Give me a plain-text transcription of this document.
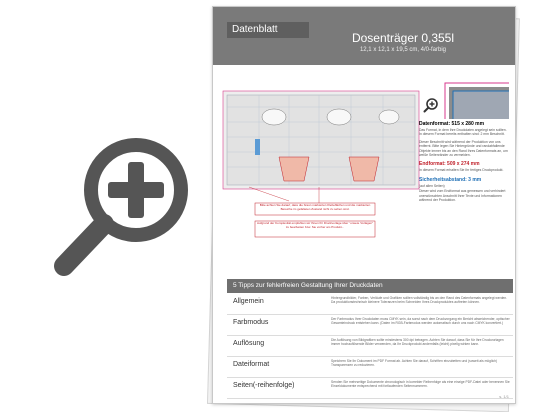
Datenblatt
Dosenträger 0,355l
12,1 x 12,1 x 19,5 cm, 4/0-farbig
Bitte achten Sie darauf, dass die braun markierten Klebeflächen und die markierten Bereiche im gefalteten Zustand nicht zu sehen sind.
Aufgrund der Komplexität empfehlen wir Ihnen Ihr Druckvorlage über “unsere Vorlagen” zu bearbeiten bzw. Sie vorher am Produkt...
Datenformat: 515 x 280 mm
Das Format, in dem Ihre Druckdaten angelegt sein sollten. In diesem Format bereits enthalten sind: 2 mm Beschnitt.
Dieser Beschnitt wird während der Produktion von uns entfernt. Bitte legen Sie Hintergründe und randabfallende Objekte immer bis an den Rand Ihres Datenformats an, um weiße Seitenränder zu vermeiden.
Endformat: 509 x 274 mm
In diesem Format erhalten Sie Ihr fertiges Druckprodukt.
Sicherheitsabstand: 3 mm
(auf allen Seiten)
Dieser wird vom Endformat aus gemessen und verhindert unerwünschten Anschnitt Ihrer Texte und Informationen während der Produktion.
5 Tipps zur fehlerfreien Gestaltung Ihrer Druckdaten
Allgemein	Hintergrundbilder, Farben, Verläufe und Grafiken sollten vollständig bis an den Rand des Datenformats angelegt werden. Da produktionstechnisch kleinere Toleranzen beim Schneiden Ihres Druckproduktes auftreten können.
Farbmodus	Der Farbmodus Ihrer Druckdaten muss CMYK sein, da sonst nach dem Druckvorgang ein Bericht abweichender, optischer Gesamteindruck entstehen kann. (Daten im RGB-Farbmodus werden automatisch durch uns nach CMYK konvertiert.)
Auflösung	Die Auflösung von Bildgrafiken sollte mindestens 300 dpi betragen. Achten Sie darauf, dass Sie für Ihre Druckvorlagen immer hochauflösende Bilder verwenden, da Ihr Druckprodukt andernfalls (leicht) pixelig wirken kann.
Dateiformat	Speichern Sie Ihr Dokument im PDF Format ab. Achten Sie darauf, Schriften einzubetten und (soweit als möglich) Transparenzen zu reduzieren.
Seiten(-reihenfolge)	Senden Sie mehrseitige Dokumente chronologisch in korrekter Reihenfolge als eine einzige PDF-Datei oder benennen Sie Einzeldokumente entsprechend mit fortlaufenden Seitennummern.
s. 1/1
